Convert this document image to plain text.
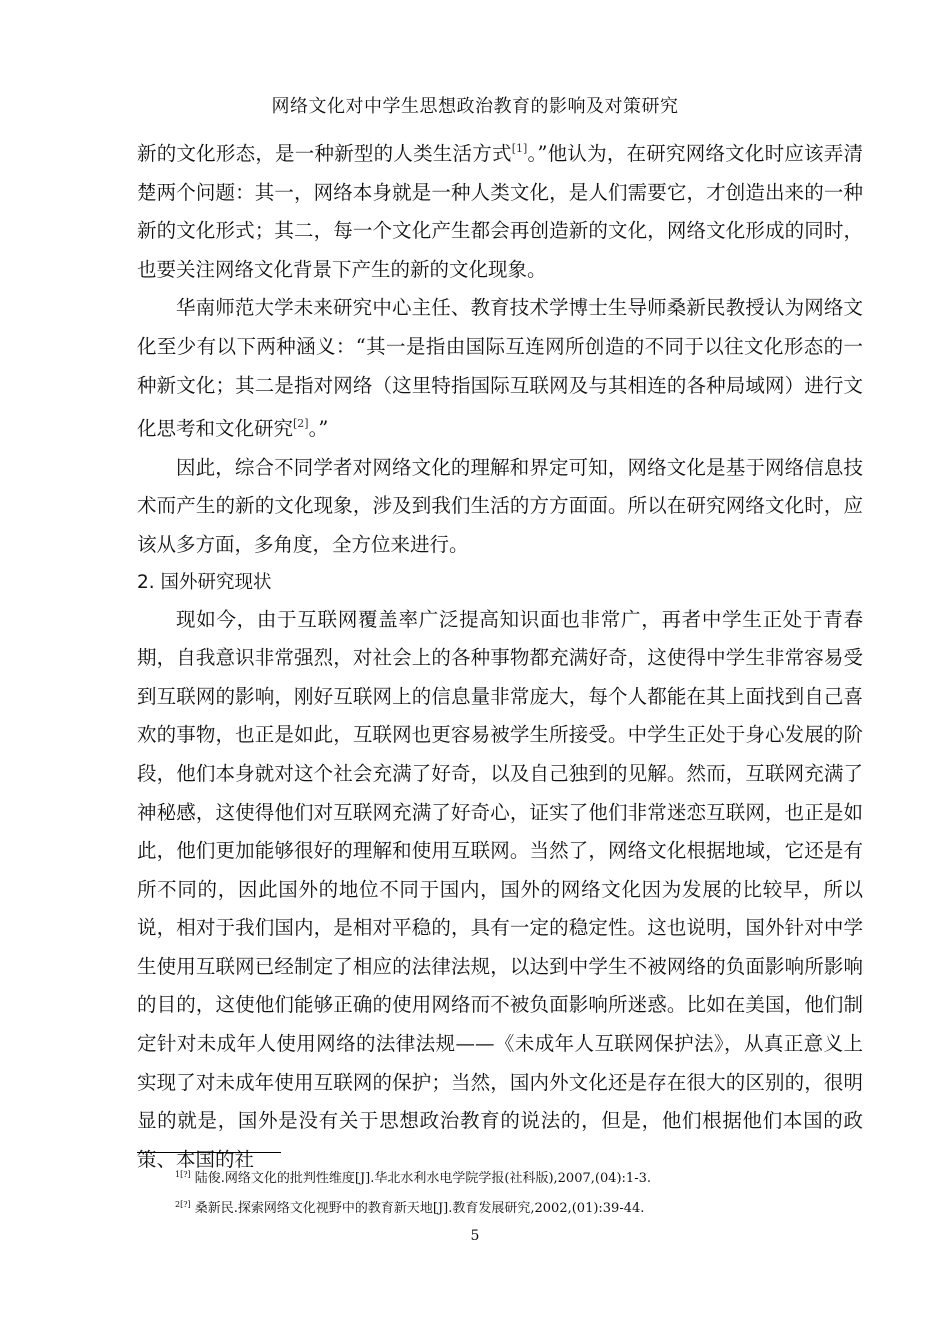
网络文化对中学生思想政治教育的影响及对策研究

新的文化形态，是一种新型的人类生活方式[1]。”他认为，在研究网络文化时应该弄清楚两个问题：其一，网络本身就是一种人类文化，是人们需要它，才创造出来的一种新的文化形式；其二，每一个文化产生都会再创造新的文化，网络文化形成的同时，也要关注网络文化背景下产生的新的文化现象。

华南师范大学未来研究中心主任、教育技术学博士生导师桑新民教授认为网络文化至少有以下两种涵义：“其一是指由国际互连网所创造的不同于以往文化形态的一种新文化；其二是指对网络（这里特指国际互联网及与其相连的各种局域网）进行文化思考和文化研究[2]。”

因此，综合不同学者对网络文化的理解和界定可知，网络文化是基于网络信息技术而产生的新的文化现象，涉及到我们生活的方方面面。所以在研究网络文化时，应该从多方面，多角度，全方位来进行。

2. 国外研究现状

现如今，由于互联网覆盖率广泛提高知识面也非常广，再者中学生正处于青春期，自我意识非常强烈，对社会上的各种事物都充满好奇，这使得中学生非常容易受到互联网的影响，刚好互联网上的信息量非常庞大，每个人都能在其上面找到自己喜欢的事物，也正是如此，互联网也更容易被学生所接受。中学生正处于身心发展的阶段，他们本身就对这个社会充满了好奇，以及自己独到的见解。然而，互联网充满了神秘感，这使得他们对互联网充满了好奇心，证实了他们非常迷恋互联网，也正是如此，他们更加能够很好的理解和使用互联网。当然了，网络文化根据地域，它还是有所不同的，因此国外的地位不同于国内，国外的网络文化因为发展的比较早，所以说，相对于我们国内，是相对平稳的，具有一定的稳定性。这也说明，国外针对中学生使用互联网已经制定了相应的法律法规，以达到中学生不被网络的负面影响所影响的目的，这使他们能够正确的使用网络而不被负面影响所迷惑。比如在美国，他们制定针对未成年人使用网络的法律法规——《未成年人互联网保护法》，从真正意义上实现了对未成年使用互联网的保护；当然，国内外文化还是存在很大的区别的，很明显的就是，国外是没有关于思想政治教育的说法的，但是，他们根据他们本国的政策、本国的社

$^{1[?]}$ 陆俊.网络文化的批判性维度[J].华北水利水电学院学报(社科版),2007,(04):1-3.
$^{2[?]}$ 桑新民.探索网络文化视野中的教育新天地[J].教育发展研究,2002,(01):39-44.
5
